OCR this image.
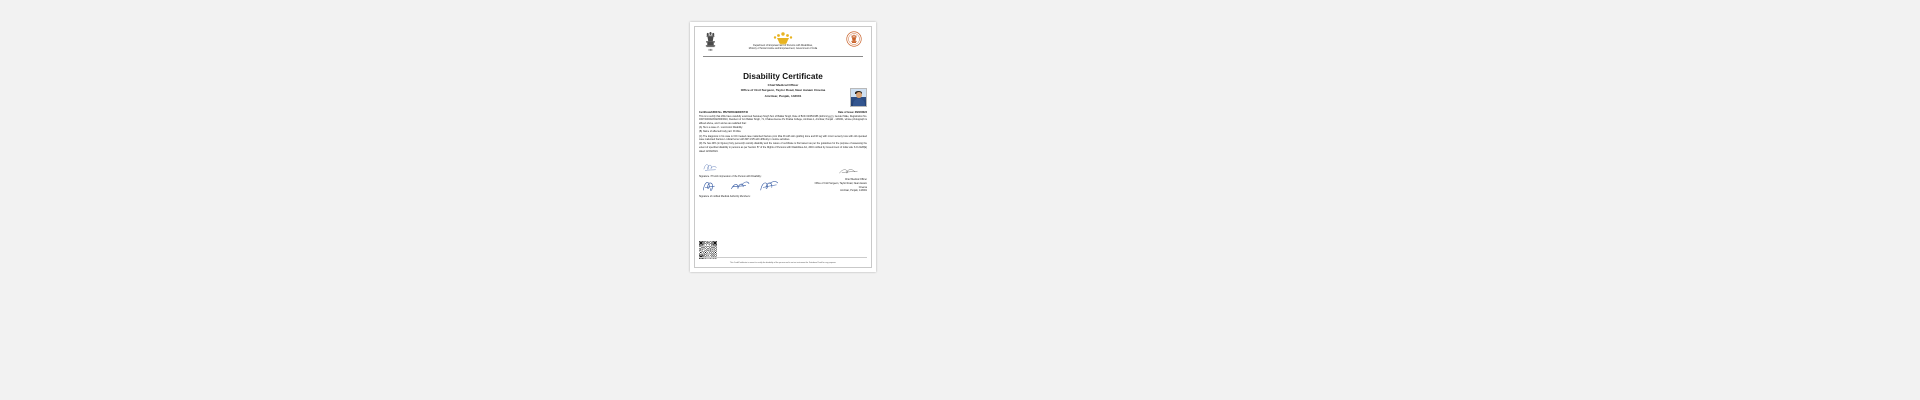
▮▮▮
Department of Empowerment of Persons with Disabilities,
Ministry of Social Justice and Empowerment, Government of India
Disability Certificate
Chief Medical Officer
Office of Civil Surgeon, Taylor Road, Near Aanam Cinema
Amritsar, Punjab, 143001
Certificate/UDID No. PB2790519990005740	Date of Issue: 26/02/2024

This is to certify that I/We have carefully examined Sandeep Singh Son of Balkar Singh, Date of Birth 02/05/1986 (dd/mm/yyyy), Gender Male, Registration No. 0327/40000/2002/0003610, Resident of C/o Balkar Singh, 71, Khalsa Avenue Pu Khalsa College, Amritsar-1, Amritsar, Punjab - 143001, whose photograph is affixed above, and I am/we are satisfied that:

(A) He is a case of - Locomotor Disability.

(B) Name of affected body part: Rt tibia.

(C) The diagnosis in his case is O/C treated case malunited fracture prox tibia Rt with skin grafting done and Rt leg with minor sensory loss with old operated case malunited fracture Lt distal femur with MP 4-5/5 with difficulty in routine activities.

(D) He has 40% (in figures) forty percent(in words) disability and the nature of certificate is Permanent as per the guidelines for the purpose of assessing the extent of specified disability in persons as per Section 57 of the Rights of Persons with Disabilities Act, 2016 notified by Government of India vide S.O.2128(E) dated 12/03/2024.

Signature / Thumb impression of the Person with Disability:
Signature of notified Medical Authority Members:
Chief Medical Officer
Office of Civil Surgeon, Taylor Road, Near Aanam
Cinema
Amritsar, Punjab, 143001
This Card/Certificate is meant to certify the disability of the person and is not an instrument for Database Proof for any purpose.
